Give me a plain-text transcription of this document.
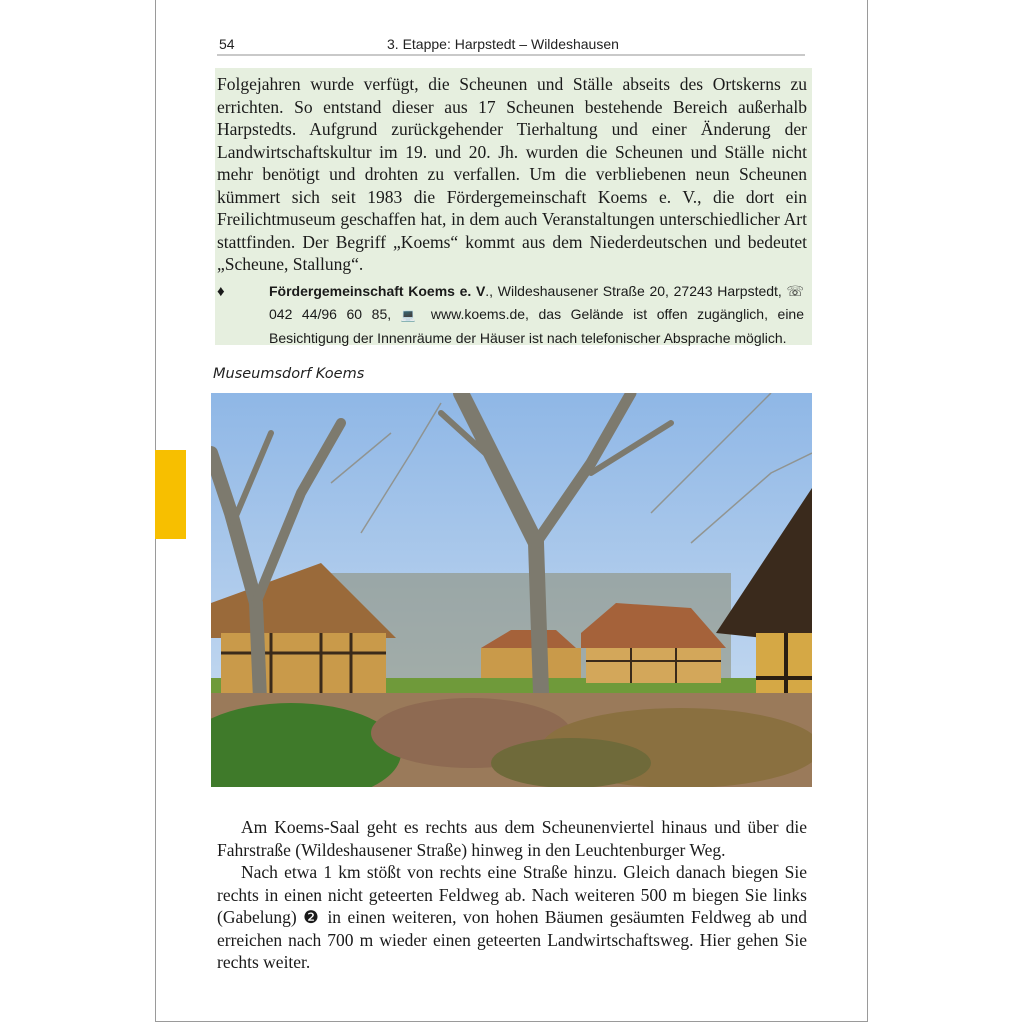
54	3. Etappe: Harpstedt – Wildeshausen

Folgejahren wurde verfügt, die Scheunen und Ställe abseits des Ortskerns zu errichten. So entstand dieser aus 17 Scheunen bestehende Bereich außerhalb Harpstedts. Aufgrund zurückgehender Tierhaltung und einer Änderung der Landwirtschaftskultur im 19. und 20. Jh. wurden die Scheunen und Ställe nicht mehr benötigt und drohten zu verfallen. Um die verbliebenen neun Scheunen kümmert sich seit 1983 die Fördergemeinschaft Koems e. V., die dort ein Freilichtmuseum geschaffen hat, in dem auch Veranstaltungen unterschiedlicher Art stattfinden. Der Begriff „Koems“ kommt aus dem Niederdeutschen und bedeutet „Scheune, Stallung“.

♦	Fördergemeinschaft Koems e. V., Wildeshausener Straße 20, 27243 Harpstedt, ☏ 042 44/96 60 85, 💻 www.koems.de, das Gelände ist offen zugänglich, eine Besichtigung der Innenräume der Häuser ist nach telefonischer Absprache möglich.
Museumsdorf Koems

Am Koems-Saal geht es rechts aus dem Scheunenviertel hinaus und über die Fahrstraße (Wildeshausener Straße) hinweg in den Leuchtenburger Weg.

Nach etwa 1 km stößt von rechts eine Straße hinzu. Gleich danach biegen Sie rechts in einen nicht geteerten Feldweg ab. Nach weiteren 500 m biegen Sie links (Gabelung) ❷ in einen weiteren, von hohen Bäumen gesäumten Feldweg ab und erreichen nach 700 m wieder einen geteerten Landwirtschaftsweg. Hier gehen Sie rechts weiter.
